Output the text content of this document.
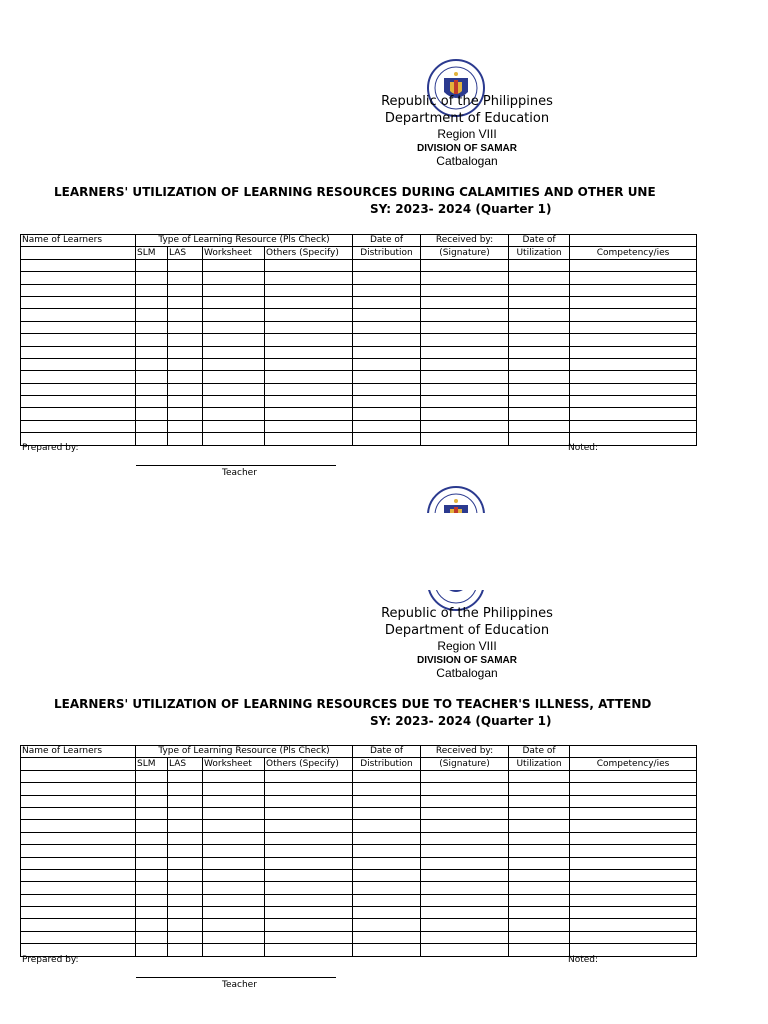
Republic of the Philippines
Department of Education
Region VIII
DIVISION OF SAMAR
Catbalogan
LEARNERS' UTILIZATION OF LEARNING RESOURCES DURING CALAMITIES AND OTHER UNE
SY: 2023- 2024 (Quarter 1)
Name of Learners	Type of Learning Resource (Pls Check)				Date of	Received by:	Date of	
	SLM	LAS	Worksheet	Others (Specify)	Distribution	(Signature)	Utilization	Competency/ies

Prepared by:	Noted:
Teacher
Republic of the Philippines
Department of Education
Region VIII
DIVISION OF SAMAR
Catbalogan
LEARNERS' UTILIZATION OF LEARNING RESOURCES DUE TO TEACHER'S ILLNESS, ATTEND
SY: 2023- 2024 (Quarter 1)
Name of Learners	Type of Learning Resource (Pls Check)				Date of	Received by:	Date of	
	SLM	LAS	Worksheet	Others (Specify)	Distribution	(Signature)	Utilization	Competency/ies

Prepared by:	Noted:
Teacher
